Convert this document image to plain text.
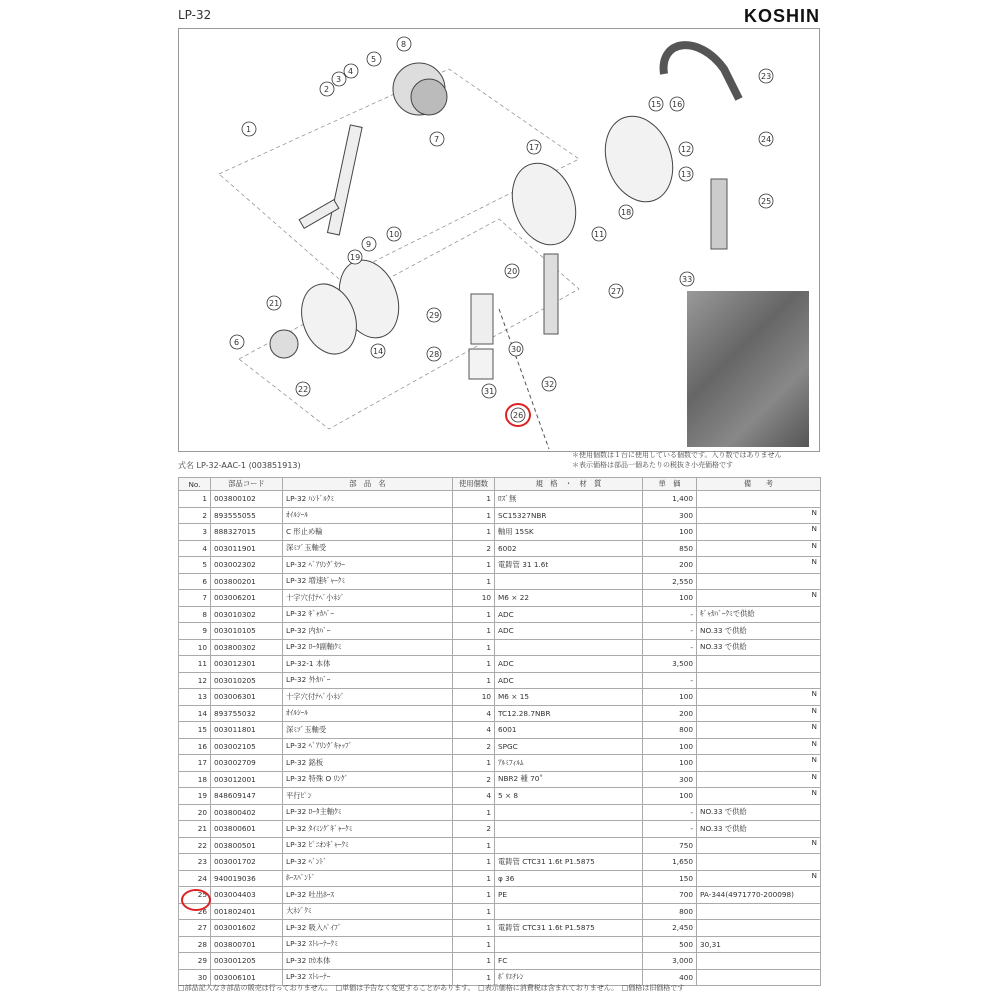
LP-32	KOSHIN
1
2
3
4
5
6
7
8
9
10	11
12
13
14
15 16
17
18
19
20
21
22
23
24
25
26
27
28
29
30
31
32
33
式名 LP-32-AAC-1 (003851913)
＊使用個数は１台に使用している個数です。入り数ではありません
＊表示価格は部品一個あたりの税抜き小売価格です
No.	部品コード	部　品　名	使用個数	規　格　・　材　質	単　価	備　　考
1	003800102	LP-32 ﾊﾝﾄﾞﾙｸﾐ	1	ﾛｽﾞ無	1,400	

2	893555055	ｵｲﾙｼｰﾙ	1	SC15327NBR	300	N

3	888327015	C 形止め輪	1	軸用 15SK	100	N

4	003011901	深ﾐｿﾞ玉軸受	2	6002	850	N

5	003002302	LP-32 ﾍﾞｱﾘﾝｸﾞｶﾗｰ	1	電鋳管 31 1.6t	200	N

6	003800201	LP-32 増速ｷﾞｬｰｸﾐ	1		2,550	

7	003006201	十字穴付ﾅﾍﾞ小ﾈｼﾞ	10	M6 × 22	100	N

8	003010302	LP-32 ｷﾞｬｶﾊﾞｰ	1	ADC	-	ｷﾞｬｶﾊﾞｰｸﾐで供給

9	003010105	LP-32 内ｶﾊﾞｰ	1	ADC	-	NO.33 で供給

10	003800302	LP-32 ﾛｰﾀ副軸ｸﾐ	1		-	NO.33 で供給

11	003012301	LP-32-1 本体	1	ADC	3,500	

12	003010205	LP-32 外ｶﾊﾞｰ	1	ADC	-	

13	003006301	十字穴付ﾅﾍﾞ小ﾈｼﾞ	10	M6 × 15	100	N

14	893755032	ｵｲﾙｼｰﾙ	4	TC12.28.7NBR	200	N

15	003011801	深ﾐｿﾞ玉軸受	4	6001	800	N

16	003002105	LP-32 ﾍﾞｱﾘﾝｸﾞｷｬｯﾌﾟ	2	SPGC	100	N

17	003002709	LP-32 銘板	1	ｱﾙﾐﾌｨﾙﾑ	100	N

18	003012001	LP-32 特殊 O ﾘﾝｸﾞ	2	NBR2 種 70˚	300	N

19	848609147	平行ﾋﾟﾝ	4	5 × 8	100	N

20	003800402	LP-32 ﾛｰﾀ主軸ｸﾐ	1		-	NO.33 で供給

21	003800601	LP-32 ﾀｲﾐﾝｸﾞｷﾞｬｰｸﾐ	2		-	NO.33 で供給

22	003800501	LP-32 ﾋﾟﾆｵﾝｷﾞｬｰｸﾐ	1		750	N

23	003001702	LP-32 ﾍﾞﾝﾄﾞ	1	電鋳管 CTC31 1.6t P1.5875	1,650	

24	940019036	ﾎｰｽﾊﾞﾝﾄﾞ	1	φ 36	150	N

25	003004403	LP-32 吐出ﾎｰｽ	1	PE	700	PA-344(4971770-200098)

26	001802401	大ﾈｼﾞｸﾐ	1		800	

27	003001602	LP-32 吸入ﾊﾟｲﾌﾟ	1	電鋳管 CTC31 1.6t P1.5875	2,450	

28	003800701	LP-32 ｽﾄﾚｰﾅｰｸﾐ	1		500	30,31

29	003001205	LP-32 ﾛｶ本体	1	FC	3,000	

30	003006101	LP-32 ｽﾄﾚｰﾅｰ	1	ﾎﾟﾘｴﾁﾚﾝ	400	
□部品記入なき部品の販売は行っておりません。　□単価は予告なく変更することがあります。　□表示価格に消費税は含まれておりません。　□価格は旧価格です
